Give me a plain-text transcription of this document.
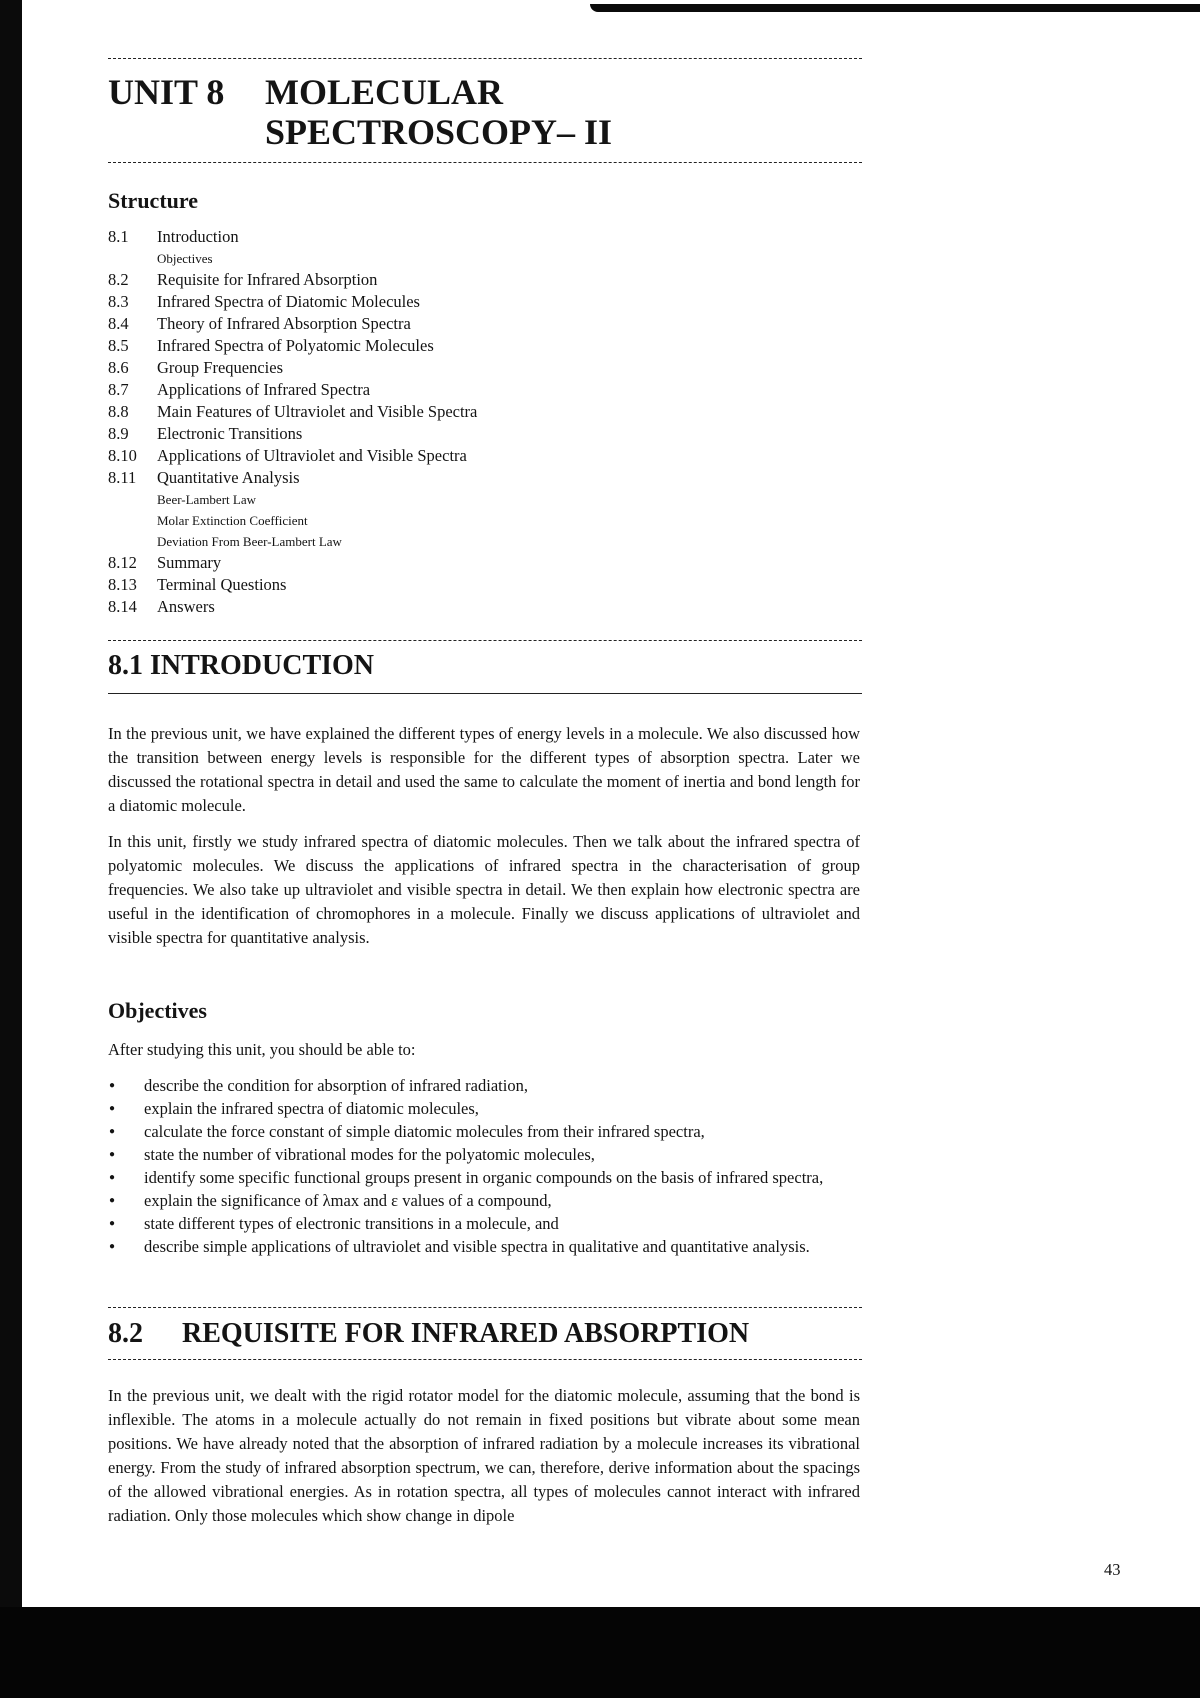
UNIT 8 MOLECULAR
SPECTROSCOPY– II
Structure
8.1 Introduction
Objectives
8.2 Requisite for Infrared Absorption
8.3 Infrared Spectra of Diatomic Molecules
8.4 Theory of Infrared Absorption Spectra
8.5 Infrared Spectra of Polyatomic Molecules
8.6 Group Frequencies
8.7 Applications of Infrared Spectra
8.8 Main Features of Ultraviolet and Visible Spectra
8.9 Electronic Transitions
8.10 Applications of Ultraviolet and Visible Spectra
8.11 Quantitative Analysis
Beer-Lambert Law
Molar Extinction Coefficient
Deviation From Beer-Lambert Law
8.12 Summary
8.13 Terminal Questions
8.14 Answers
8.1 INTRODUCTION

In the previous unit, we have explained the different types of energy levels in a molecule. We also discussed how the transition between energy levels is responsible for the different types of absorption spectra. Later we discussed the rotational spectra in detail and used the same to calculate the moment of inertia and bond length for a diatomic molecule.

In this unit, firstly we study infrared spectra of diatomic molecules. Then we talk about the infrared spectra of polyatomic molecules. We discuss the applications of infrared spectra in the characterisation of group frequencies. We also take up ultraviolet and visible spectra in detail. We then explain how electronic spectra are useful in the identification of chromophores in a molecule. Finally we discuss applications of ultraviolet and visible spectra for quantitative analysis.

Objectives

After studying this unit, you should be able to:

● describe the condition for absorption of infrared radiation,
● explain the infrared spectra of diatomic molecules,
● calculate the force constant of simple diatomic molecules from their infrared spectra,
● state the number of vibrational modes for the polyatomic molecules,
● identify some specific functional groups present in organic compounds on the basis of infrared spectra,
● explain the significance of λmax and ε values of a compound,
● state different types of electronic transitions in a molecule, and
● describe simple applications of ultraviolet and visible spectra in qualitative and quantitative analysis.
8.2 REQUISITE FOR INFRARED ABSORPTION

In the previous unit, we dealt with the rigid rotator model for the diatomic molecule, assuming that the bond is inflexible. The atoms in a molecule actually do not remain in fixed positions but vibrate about some mean positions. We have already noted that the absorption of infrared radiation by a molecule increases its vibrational energy. From the study of infrared absorption spectrum, we can, therefore, derive information about the spacings of the allowed vibrational energies. As in rotation spectra, all types of molecules cannot interact with infrared radiation. Only those molecules which show change in dipole

43
